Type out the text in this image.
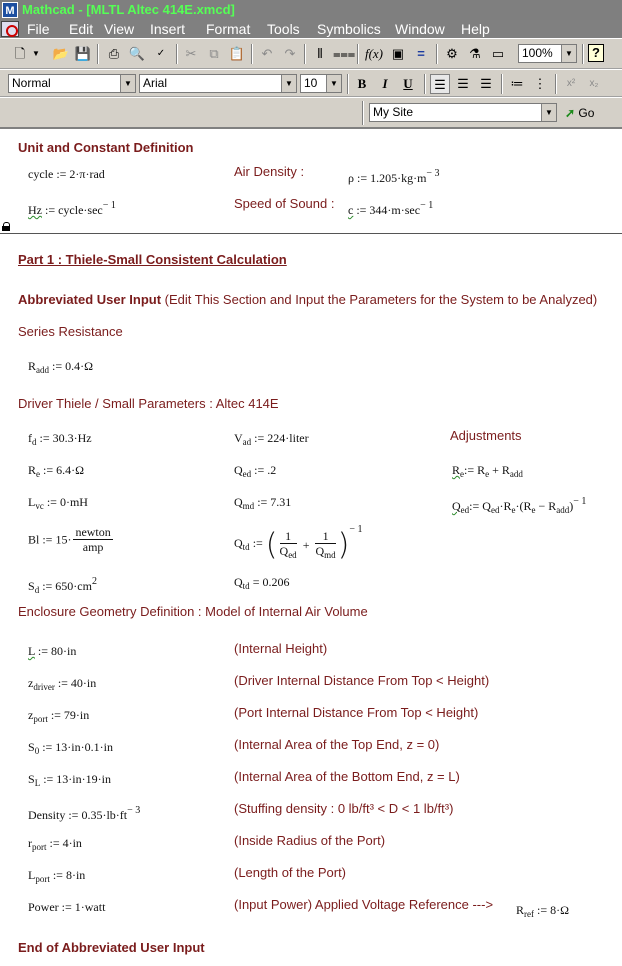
M Mathcad - [MLTL Altec 414E.xmcd]
File Edit View Insert Format Tools Symbolics Window Help
🗋 ▼ 📂 💾	⎙ 🔍	✓	✂ ⧉ 📋	↶ ↷	⫴ ⩶ f(x) ▣	=	⚙ ⚗ ▭	100%	▼	?
Normal	▼ Arial	▼ 10	▼	B	I	U	☰ ☰ ☰	≔ ⋮	x²	x₂
My Site	▼ ➚ Go
Unit and Constant Definition
cycle := 2·π·rad	Air Density :	ρ := $1.205\cdot kg\cdot m^{- 3}$
Hz := $cycle\cdot\sec^{- 1}$	Speed of Sound : c := $344\cdot m\cdot\sec^{- 1}$
Part 1 : Thiele-Small Consistent Calculation
Abbreviated User Input (Edit This Section and Input the Parameters for the System to be Analyzed)
Series Resistance
$R_{add}$ := 0.4·Ω
Driver Thiele / Small Parameters : Altec 414E
$f_d$ := 30.3·Hz	$V_{ad}$ := 224·liter	Adjustments
$R_e$ := 6.4·Ω	$Q_{ed}$ := .2	$R_e:= R_e + R_{add}$
$L_{vc}$ := 0·mH	$Q_{md}$ := 7.31	$Q_{ed}:= Q_{ed}\cdot R_e\cdot(R_e - R_{add})^{- 1}$
Bl := $15\cdot \frac{\text{newton}}{\text{amp}}$	$Q_{td}$ := ( $\frac{1}{Q_{ed}} + \frac{1}{Q_{md}} )^{- 1}$
$S_d$ := $650\cdot cm^2$	$Q_{td} = 0.206$
Enclosure Geometry Definition : Model of Internal Air Volume
L := 80·in	(Internal Height)
$z_{driver}$ := 40·in	(Driver Internal Distance From Top < Height)
$z_{port}$ := 79·in	(Port Internal Distance From Top < Height)
$S_0$ := 13·in·0.1·in	(Internal Area of the Top End, z = 0)
$S_L$ := 13·in·19·in	(Internal Area of the Bottom End, z = L)
Density := $0.35\cdot lb\cdot ft^{- 3}$	(Stuffing density : 0 lb/ft³ < D < 1 lb/ft³)
$r_{port}$ := 4·in	(Inside Radius of the Port)
$L_{port}$ := 8·in	(Length of the Port)
Power := 1·watt	(Input Power) Applied Voltage Reference ---> $R_{ref}$ := 8·Ω
End of Abbreviated User Input
